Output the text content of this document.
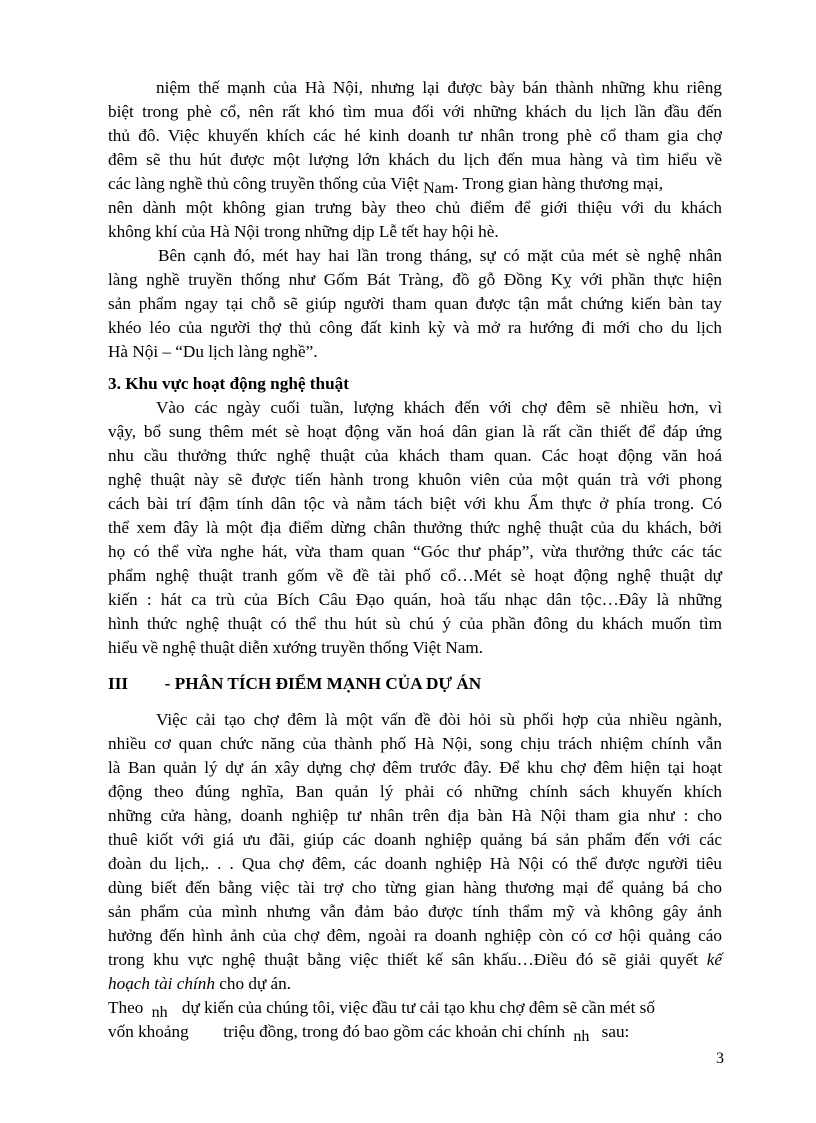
niệm thế mạnh của Hà Nội, nhưng lại được bày bán thành những khu riêng
biệt trong phè cổ, nên rất khó tìm mua đối với những khách du lịch lần đầu đến
thủ đô. Việc khuyến khích các hé kinh doanh tư nhân trong phè cổ tham gia chợ
đêm sẽ thu hút được một lượng lớn khách du lịch đến mua hàng và tìm hiểu về
các làng nghề thủ công truyền thống của Việt Nam. Trong gian hàng thương mại,
nên dành một không gian trưng bày theo chủ điểm để giới thiệu với du khách
không khí của Hà Nội trong những dịp Lễ tết hay hội hè.
Bên cạnh đó, mét hay hai lần trong tháng, sự có mặt của mét sè nghệ nhân
làng nghề truyền thống như Gốm Bát Tràng, đồ gỗ Đồng Kỵ với phần thực hiện
sản phẩm ngay tại chỗ sẽ giúp người tham quan được tận mắt chứng kiến bàn tay
khéo léo của người thợ thủ công đất kinh kỳ và mở ra hướng đi mới cho du lịch
Hà Nội – “Du lịch làng nghề”.
3. Khu vực hoạt động nghệ thuật
Vào các ngày cuối tuần, lượng khách đến với chợ đêm sẽ nhiều hơn, vì
vậy, bổ sung thêm mét sè hoạt động văn hoá dân gian là rất cần thiết để đáp ứng
nhu cầu thưởng thức nghệ thuật của khách tham quan. Các hoạt động văn hoá
nghệ thuật này sẽ được tiến hành trong khuôn viên của một quán trà với phong
cách bài trí đậm tính dân tộc và nằm tách biệt với khu Ẩm thực ở phía trong. Có
thể xem đây là một địa điểm dừng chân thưởng thức nghệ thuật của du khách, bởi
họ có thể vừa nghe hát, vừa tham quan “Góc thư pháp”, vừa thưởng thức các tác
phẩm nghệ thuật tranh gốm về đề tài phố cổ…Mét sè hoạt động nghệ thuật dự
kiến : hát ca trù của Bích Câu Đạo quán, hoà tấu nhạc dân tộc…Đây là những
hình thức nghệ thuật có thể thu hút sù chú ý của phần đông du khách muốn tìm
hiểu về nghệ thuật diễn xướng truyền thống Việt Nam.
III - PHÂN TÍCH ĐIỂM MẠNH CỦA DỰ ÁN
Việc cải tạo chợ đêm là một vấn đề đòi hỏi sù phối hợp của nhiều ngành,
nhiều cơ quan chức năng của thành phố Hà Nội, song chịu trách nhiệm chính vẫn
là Ban quản lý dự án xây dựng chợ đêm trước đây. Để khu chợ đêm hiện tại hoạt
động theo đúng nghĩa, Ban quản lý phải có những chính sách khuyến khích
những cửa hàng, doanh nghiệp tư nhân trên địa bàn Hà Nội tham gia như : cho
thuê kiốt với giá ưu đãi, giúp các doanh nghiệp quảng bá sản phẩm đến với các
đoàn du lịch,. . . Qua chợ đêm, các doanh nghiệp Hà Nội có thể được người tiêu
dùng biết đến bằng việc tài trợ cho từng gian hàng thương mại để quảng bá cho
sản phẩm của mình nhưng vẫn đảm bảo được tính thẩm mỹ và không gây ảnh
hưởng đến hình ảnh của chợ đêm, ngoài ra doanh nghiệp còn có cơ hội quảng cáo
trong khu vực nghệ thuật bằng việc thiết kế sân khấu…Điều đó sẽ giải quyết kế
hoạch tài chính cho dự án.
Theo nh dự kiến của chúng tôi, việc đầu tư cải tạo khu chợ đêm sẽ cần mét số
vốn khoảng triệu đồng, trong đó bao gồm các khoản chi chính nh sau:
3
